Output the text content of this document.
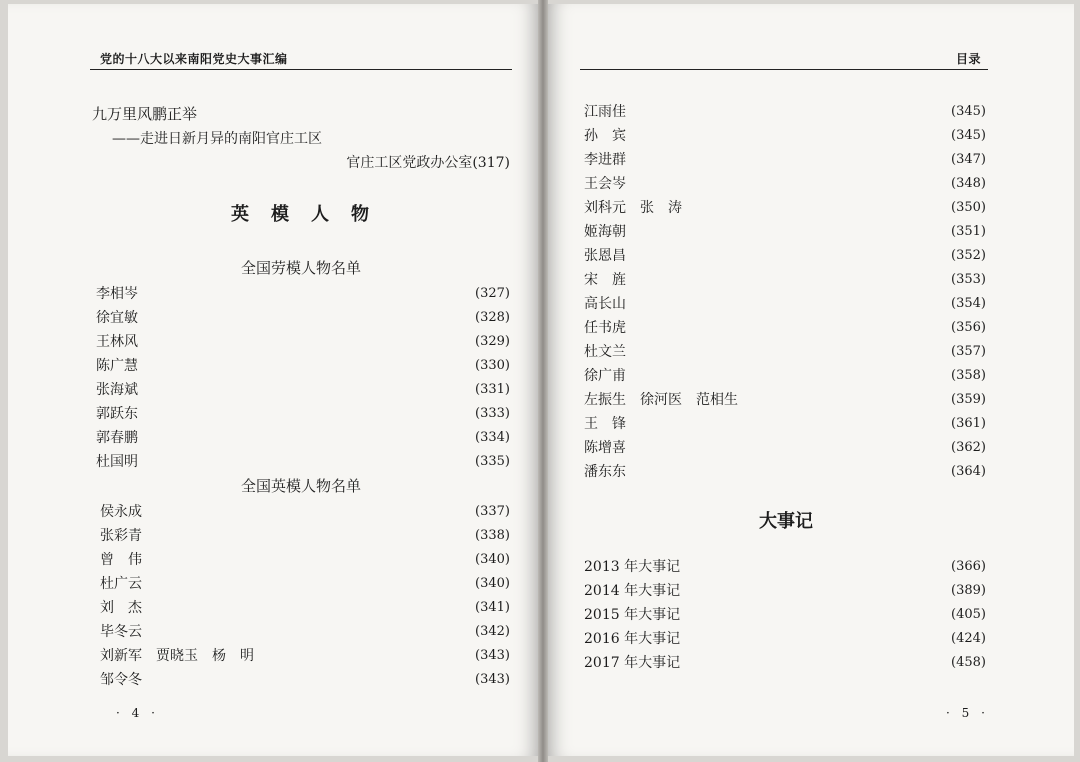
党的十八大以来南阳党史大事汇编
九万里风鹏正举
——走进日新月异的南阳官庄工区
官庄工区党政办公室(317)
英　模　人　物
全国劳模人物名单
李相岑	(327)
徐宜敏	(328)
王林风	(329)
陈广慧	(330)
张海斌	(331)
郭跃东	(333)
郭春鹏	(334)
杜国明	(335)
全国英模人物名单
侯永成	(337)
张彩青	(338)
曾　伟	(340)
杜广云	(340)
刘　杰	(341)
毕冬云	(342)
刘新军　贾晓玉　杨　明	(343)
邹令冬	(343)
· 4 ·
目录
江雨佳	(345)
孙　宾	(345)
李进群	(347)
王会岑	(348)
刘科元　张　涛	(350)
姬海朝	(351)
张恩昌	(352)
宋　旌	(353)
高长山	(354)
任书虎	(356)
杜文兰	(357)
徐广甫	(358)
左振生　徐河医　范相生	(359)
王　锋	(361)
陈增喜	(362)
潘东东	(364)
大事记
2013 年大事记	(366)
2014 年大事记	(389)
2015 年大事记	(405)
2016 年大事记	(424)
2017 年大事记	(458)
· 5 ·
